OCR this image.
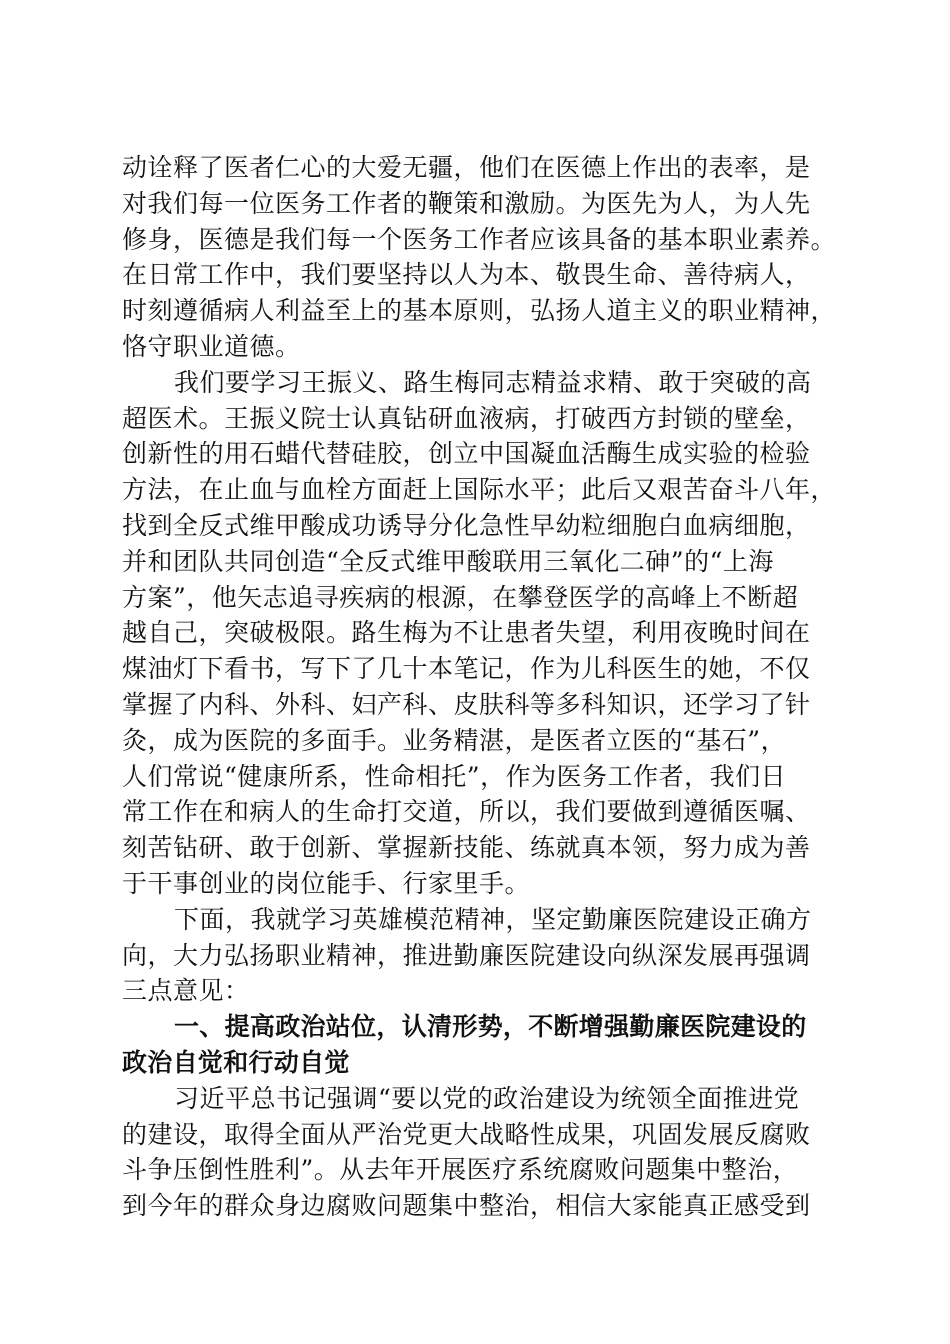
动诠释了医者仁心的大爱无疆，他们在医德上作出的表率，是
对我们每一位医务工作者的鞭策和激励。为医先为人，为人先
修身，医德是我们每一个医务工作者应该具备的基本职业素养。
在日常工作中，我们要坚持以人为本、敬畏生命、善待病人，
时刻遵循病人利益至上的基本原则，弘扬人道主义的职业精神，
恪守职业道德。
我们要学习王振义、路生梅同志精益求精、敢于突破的高
超医术。王振义院士认真钻研血液病，打破西方封锁的壁垒，
创新性的用石蜡代替硅胶，创立中国凝血活酶生成实验的检验
方法，在止血与血栓方面赶上国际水平；此后又艰苦奋斗八年，
找到全反式维甲酸成功诱导分化急性早幼粒细胞白血病细胞，
并和团队共同创造“全反式维甲酸联用三氧化二砷”的“上海
方案”，他矢志追寻疾病的根源，在攀登医学的高峰上不断超
越自己，突破极限。路生梅为不让患者失望，利用夜晚时间在
煤油灯下看书，写下了几十本笔记，作为儿科医生的她，不仅
掌握了内科、外科、妇产科、皮肤科等多科知识，还学习了针
灸，成为医院的多面手。业务精湛，是医者立医的“基石”，
人们常说“健康所系，性命相托”，作为医务工作者，我们日
常工作在和病人的生命打交道，所以，我们要做到遵循医嘱、
刻苦钻研、敢于创新、掌握新技能、练就真本领，努力成为善
于干事创业的岗位能手、行家里手。
下面，我就学习英雄模范精神，坚定勤廉医院建设正确方
向，大力弘扬职业精神，推进勤廉医院建设向纵深发展再强调
三点意见：
一、提高政治站位，认清形势，不断增强勤廉医院建设的
政治自觉和行动自觉
习近平总书记强调“要以党的政治建设为统领全面推进党
的建设，取得全面从严治党更大战略性成果，巩固发展反腐败
斗争压倒性胜利”。从去年开展医疗系统腐败问题集中整治，
到今年的群众身边腐败问题集中整治，相信大家能真正感受到
